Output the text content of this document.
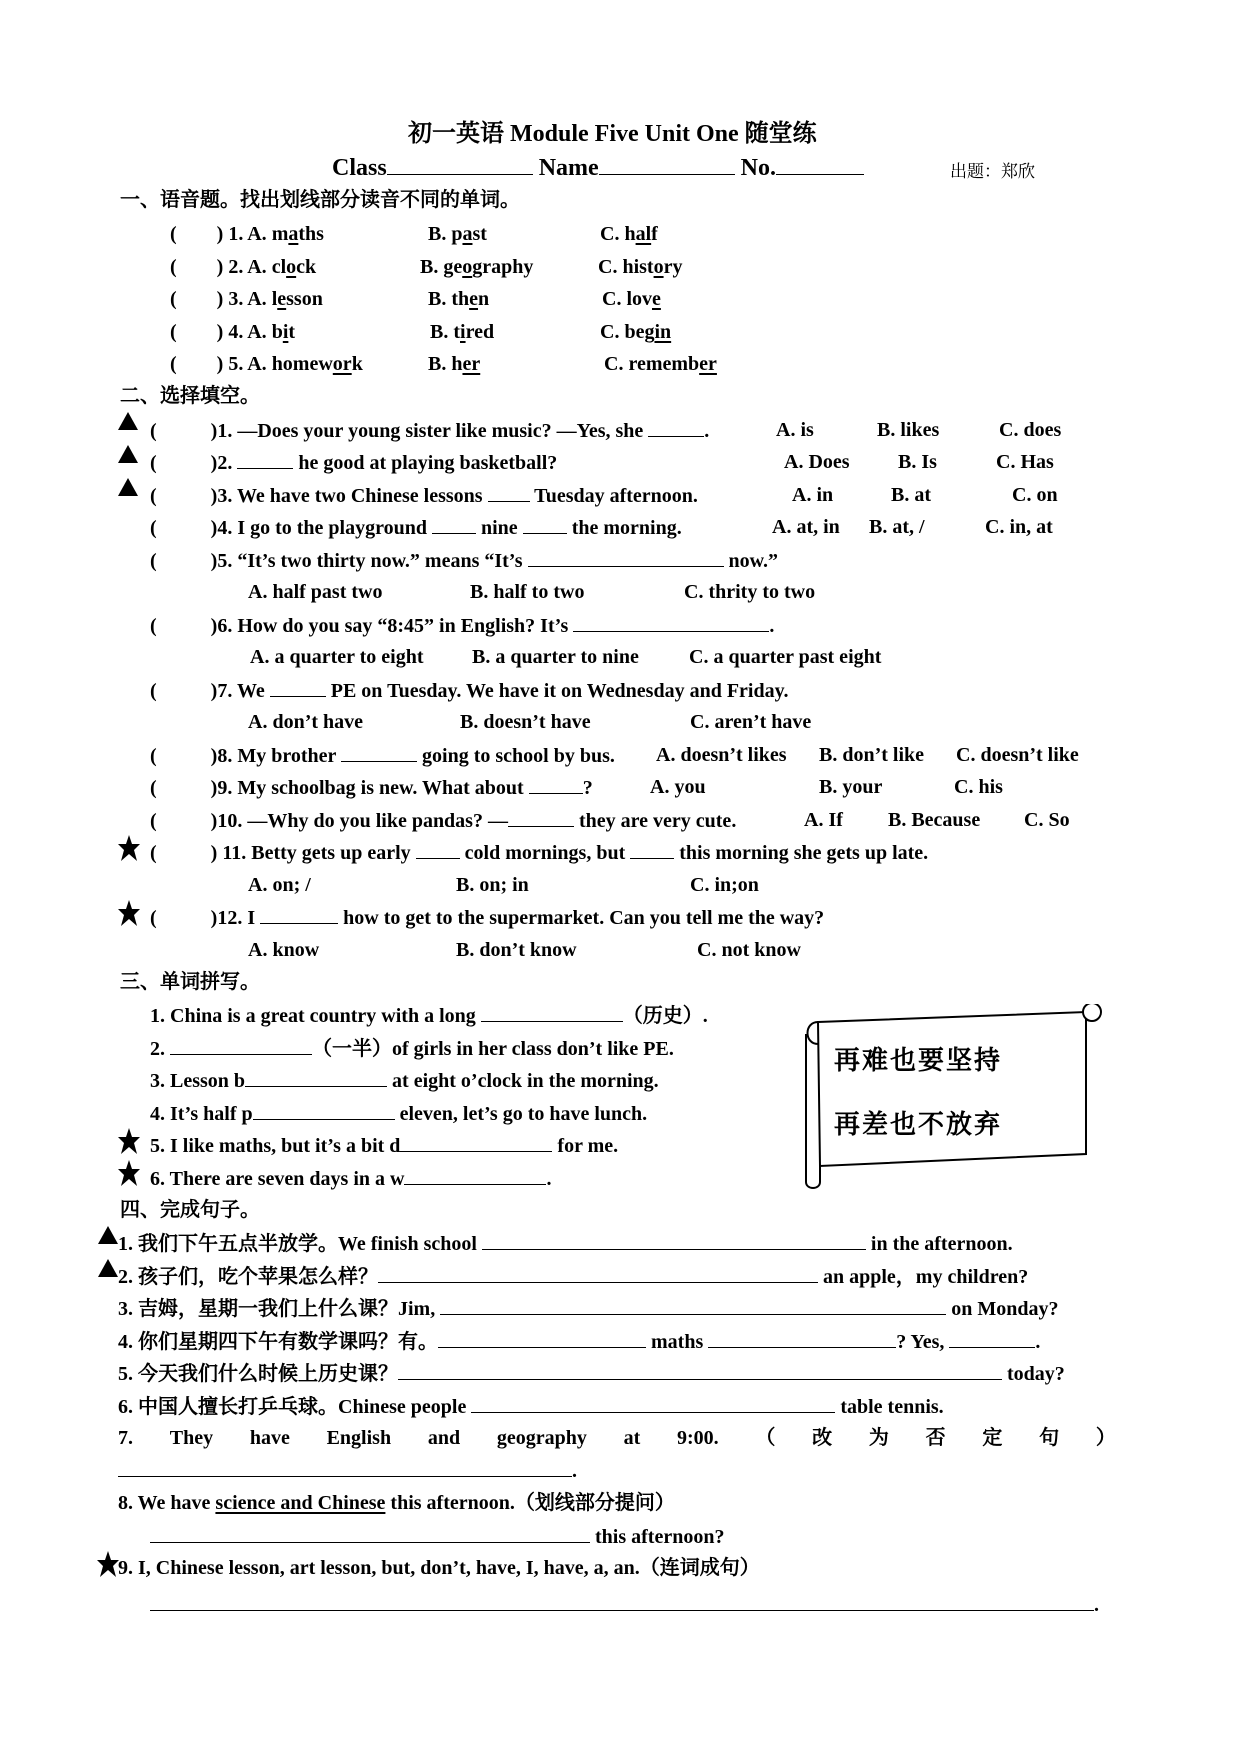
初一英语 Module Five Unit One 随堂练
Class	Name	No.	出题：郑欣
一、语音题。找出划线部分读音不同的单词。
( ) 1. A. maths	B. past	C. half
( ) 2. A. clock	B. geography	C. history
( ) 3. A. lesson	B. then	C. love
( ) 4. A. bit	B. tired	C. begin
( ) 5. A. homework	B. her	C. remember
二、选择填空。
(	)1. —Does your young sister like music? —Yes, she	.	A. is	B. likes	C. does
(	)2.	he good at playing basketball?	A. Does B. Is	C. Has
(	)3. We have two Chinese lessons  Tuesday afternoon.	A. in	B. at	C. on
(	)4. I go to the playground  nine  the morning.	A. at, in B. at, /	C. in, at
(	)5. “It’s two thirty now.” means “It’s	now.”
A. half past two	B. half to two	C. thrity to two
(	)6. How do you say “8:45” in English? It’s	.
A. a quarter to eight B. a quarter to nine	C. a quarter past eight
(	)7. We	PE on Tuesday. We have it on Wednesday and Friday.
A. don’t have	B. doesn’t have	C. aren’t have
(	)8. My brother	going to school by bus. A. doesn’t likes B. don’t like C. doesn’t like
(	)9. My schoolbag is new. What about	?	A. you	B. your	C. his
(	)10. —Why do you like pandas? —	they are very cute.	A. If B. Because C. So
(	) 11. Betty gets up early  cold mornings, but  this morning she gets up late.
A. on; /	B. on; in	C. in;on
(	)12. I	how to get to the supermarket. Can you tell me the way?
A. know	B. don’t know	C. not know
三、单词拼写。
1. China is a great country with a long	（历史）.
2.	（一半）of girls in her class don’t like PE.
3. Lesson b	at eight o’clock in the morning.
4. It’s half p	eleven, let’s go to have lunch.
5. I like maths, but it’s a bit d	for me.
6. There are seven days in a w	.
再难也要坚持
再差也不放弃
四、完成句子。
1. 我们下午五点半放学。We finish school	in the afternoon.
2. 孩子们，吃个苹果怎么样？	an apple，my children?
3. 吉姆，星期一我们上什么课？Jim,	on Monday?
4. 你们星期四下午有数学课吗？有。	maths	? Yes,	.
5. 今天我们什么时候上历史课？	today?
6. 中国人擅长打乒乓球。Chinese people	table tennis.
7. They have English and geography at 9:00. （ 改 为 否 定 句 ）
.
8. We have science and Chinese this afternoon.（划线部分提问）
this afternoon?
9. I, Chinese lesson, art lesson, but, don’t, have, I, have, a, an.（连词成句）
.
